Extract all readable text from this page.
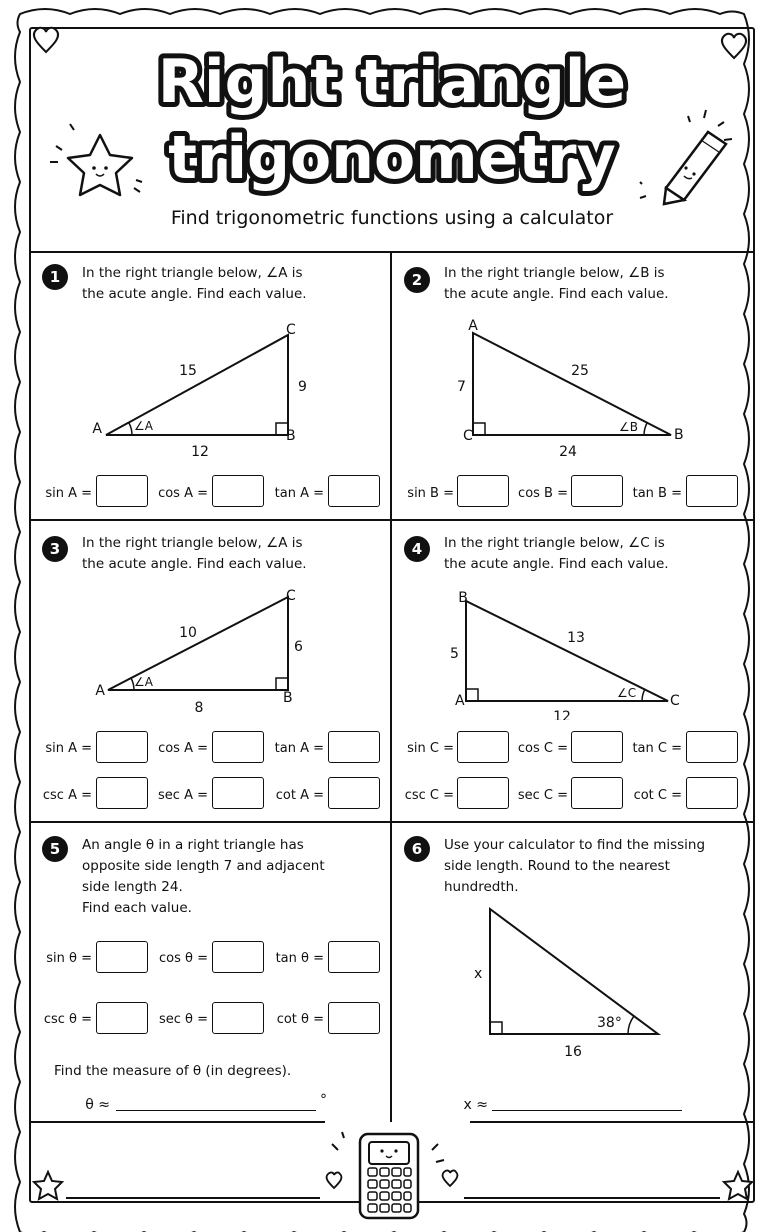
Right triangle
trigonometry
Find trigonometric functions using a calculator
1	In the right triangle below, ∠A is
the acute angle. Find each value.
A
C
B
15
9
12
∠A
sin A =	cos A =	tan A =
2	In the right triangle below, ∠B is
the acute angle. Find each value.
A
C	B
7
25
24
∠B
sin B =	cos B =	tan B =
3	In the right triangle below, ∠A is
the acute angle. Find each value.
A
C
B
10
6
8
∠A
sin A =	cos A =	tan A =
csc A =	sec A =	cot A =
4	In the right triangle below, ∠C is
the acute angle. Find each value.
B
A	C
5
13
12
∠C
sin C =	cos C =	tan C =
csc C =	sec C =	cot C =
5	An angle θ in a right triangle has
opposite side length 7 and adjacent
side length 24.
Find each value.
sin θ =	cos θ =	tan θ =
csc θ =	sec θ =	cot θ =
Find the measure of θ (in degrees).
θ ≈	°
6	Use your calculator to find the missing
side length. Round to the nearest
hundredth.
x
16
38°
x ≈
